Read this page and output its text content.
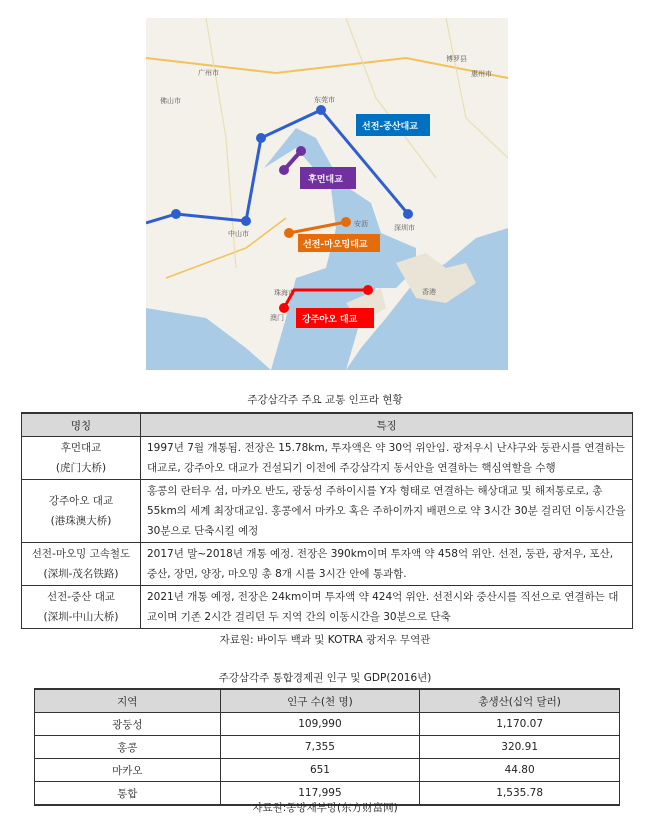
广州市
佛山市	东莞市
惠州市
博罗县
中山市
深圳市
安沥
珠海市
澳门
香港
선전-중산대교
후먼대교
선전-마오밍대교
강주아오 대교
주강삼각주 주요 교통 인프라 현황
명칭	특징
후먼대교
(虎门大桥)	1997년 7월 개통됨. 전장은 15.78km, 투자액은 약 30억 위안임. 광저우시 난샤구와 둥관시를 연결하는 대교로, 강주아오 대교가 건설되기 이전에 주강삼각지 동서안을 연결하는 핵심역할을 수행
강주아오 대교
(港珠澳大桥)	홍콩의 란터우 섬, 마카오 반도, 광둥성 주하이시를 Y자 형태로 연결하는 해상대교 및 해저통로로, 총 55km의 세계 최장대교임. 홍콩에서 마카오 혹은 주하이까지 배편으로 약 3시간 30분 걸리던 이동시간을 30분으로 단축시킬 예정
선전-마오밍 고속철도
(深圳-茂名铁路)	2017년 말~2018년 개통 예정. 전장은 390km이며 투자액 약 458억 위안. 선전, 둥관, 광저우, 포산, 중산, 장먼, 양장, 마오밍 총 8개 시를 3시간 안에 통과함.
선전-중산 대교
(深圳-中山大桥)	2021년 개통 예정, 전장은 24km이며 투자액 약 424억 위안. 선전시와 중산시를 직선으로 연결하는 대교이며 기존 2시간 걸리던 두 지역 간의 이동시간을 30분으로 단축
자료원: 바이두 백과 및 KOTRA 광저우 무역관
주강삼각주 통합경제권 인구 및 GDP(2016년)
지역	인구 수(천 명)	총생산(십억 달러)
광둥성	109,990	1,170.07
홍콩	7,355	320.91
마카오	651	44.80
통합	117,995	1,535.78
자료원:동방재부망(东方财富网)
